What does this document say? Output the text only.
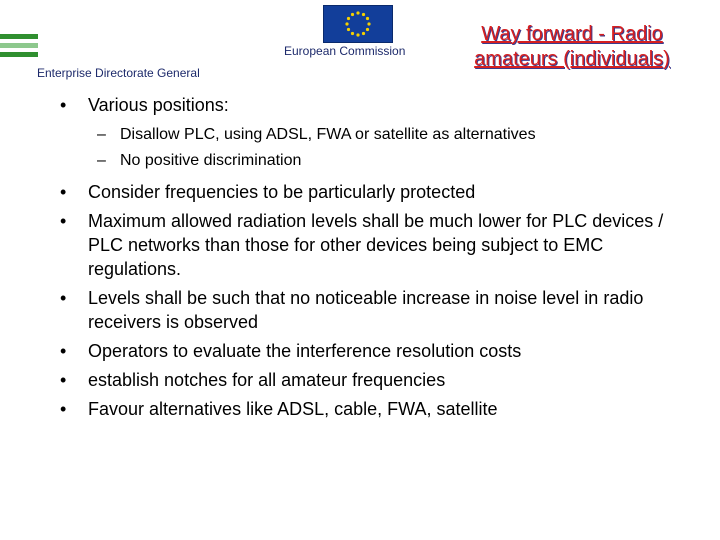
European Commission
Enterprise Directorate General
Way forward - Radio amateurs (individuals)
• Various positions:
– Disallow PLC, using ADSL, FWA or satellite as alternatives
– No positive discrimination
• Consider frequencies to be particularly protected
• Maximum allowed radiation levels shall be much lower for PLC devices / PLC networks than those for other devices being subject to EMC regulations.
• Levels shall be such that no noticeable increase in noise level in radio receivers is observed
• Operators to evaluate the interference resolution costs
• establish notches for all amateur frequencies
• Favour alternatives like ADSL, cable, FWA, satellite
